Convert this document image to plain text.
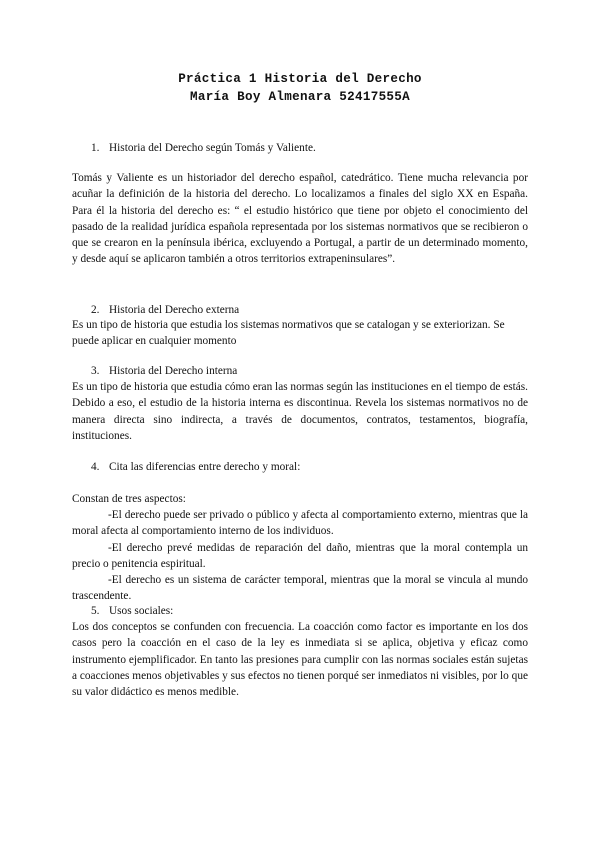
Práctica 1 Historia del Derecho
María Boy Almenara 52417555A
1. Historia del Derecho según Tomás y Valiente.

Tomás y Valiente es un historiador del derecho español, catedrático. Tiene mucha relevancia por acuñar la definición de la historia del derecho. Lo localizamos a finales del siglo XX en España. Para él la historia del derecho es: “ el estudio histórico que tiene por objeto el conocimiento del pasado de la realidad jurídica española representada por los sistemas normativos que se recibieron o que se crearon en la península ibérica, excluyendo a Portugal, a partir de un determinado momento, y desde aquí se aplicaron también a otros territorios extrapeninsulares”.

2. Historia del Derecho externa

Es un tipo de historia que estudia los sistemas normativos que se catalogan y se exteriorizan. Se puede aplicar en cualquier momento

3. Historia del Derecho interna

Es un tipo de historia que estudia cómo eran las normas según las instituciones en el tiempo de estás. Debido a eso, el estudio de la historia interna es discontinua. Revela los sistemas normativos no de manera directa sino indirecta, a través de documentos, contratos, testamentos, biografía, instituciones.

4. Cita las diferencias entre derecho y moral:

Constan de tres aspectos:

-El derecho puede ser privado o público y afecta al comportamiento externo, mientras que la moral afecta al comportamiento interno de los individuos.

-El derecho prevé medidas de reparación del daño, mientras que la moral contempla un precio o penitencia espiritual.

-El derecho es un sistema de carácter temporal, mientras que la moral se vincula al mundo trascendente.

5. Usos sociales:

Los dos conceptos se confunden con frecuencia. La coacción como factor es importante en los dos casos pero la coacción en el caso de la ley es inmediata si se aplica, objetiva y eficaz como instrumento ejemplificador. En tanto las presiones para cumplir con las normas sociales están sujetas a coacciones menos objetivables y sus efectos no tienen porqué ser inmediatos ni visibles, por lo que su valor didáctico es menos medible.
